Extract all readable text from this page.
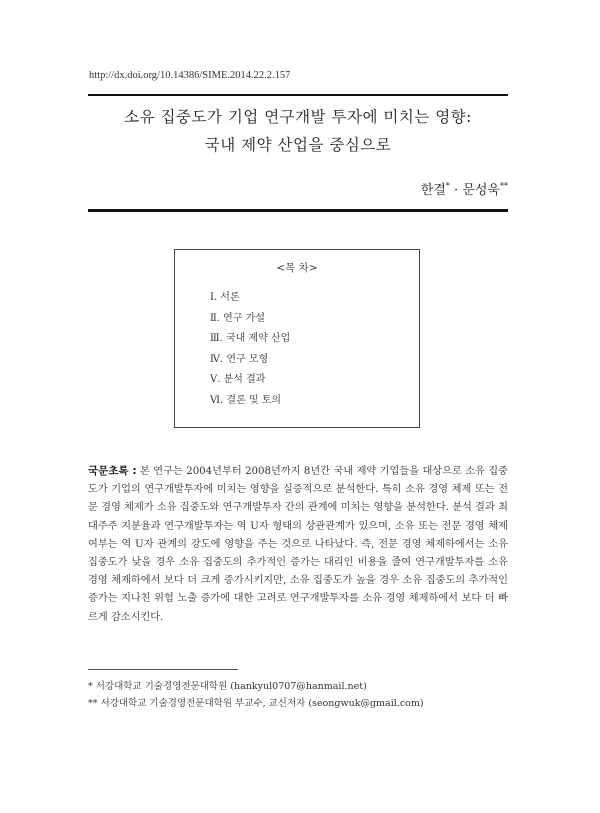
http://dx.doi.org/10.14386/SIME.2014.22.2.157
소유 집중도가 기업 연구개발 투자에 미치는 영향:
국내 제약 산업을 중심으로
한결* · 문성욱**
<목 차>
Ⅰ. 서론
Ⅱ. 연구 가설
Ⅲ. 국내 제약 산업
Ⅳ. 연구 모형
Ⅴ. 분석 결과
Ⅵ. 결론 및 토의
국문초록 : 본 연구는 2004년부터 2008년까지 8년간 국내 제약 기업들을 대상으로 소유 집중도가 기업의 연구개발투자에 미치는 영향을 실증적으로 분석한다. 특히 소유 경영 체제 또는 전문 경영 체제가 소유 집중도와 연구개발투자 간의 관계에 미치는 영향을 분석한다. 분석 결과 최대주주 지분율과 연구개발투자는 역 U자 형태의 상관관계가 있으며, 소유 또는 전문 경영 체제 여부는 역 U자 관계의 강도에 영향을 주는 것으로 나타났다. 즉, 전문 경영 체제하에서는 소유 집중도가 낮을 경우 소유 집중도의 추가적인 증가는 대리인 비용을 줄여 연구개발투자를 소유 경영 체제하에서 보다 더 크게 증가시키지만, 소유 집중도가 높을 경우 소유 집중도의 추가적인 증가는 지나친 위험 노출 증가에 대한 고려로 연구개발투자를 소유 경영 체제하에서 보다 더 빠르게 감소시킨다.
* 서강대학교 기술경영전문대학원 (hankyul0707@hanmail.net)
** 서강대학교 기술경영전문대학원 부교수, 교신저자 (seongwuk@gmail.com)
